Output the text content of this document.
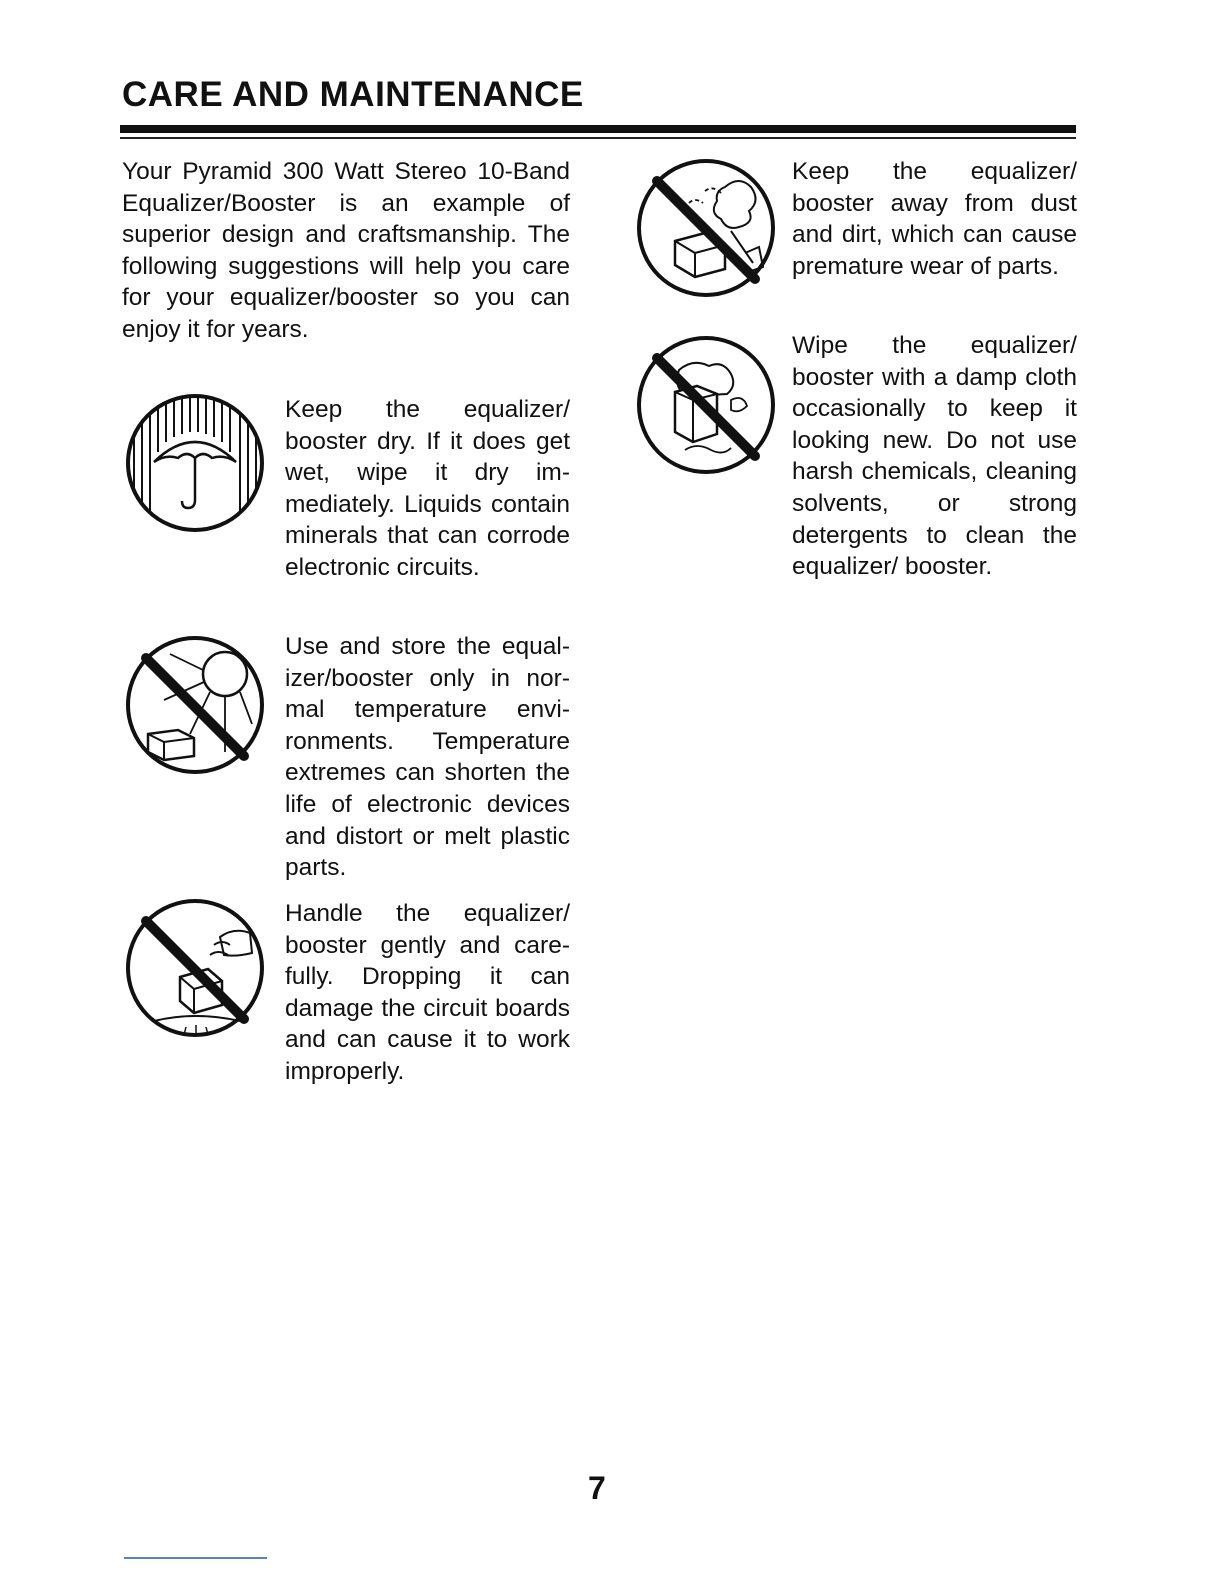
CARE AND MAINTENANCE

Your Pyramid 300 Watt Stereo 10-Band Equalizer/Booster is an example of superior design and craftsmanship. The following suggestions will help you care for your equalizer/booster so you can enjoy it for years.

Keep the equalizer/ booster dry. If it does get wet, wipe it dry immediately. Liquids contain minerals that can corrode electronic circuits.

Use and store the equalizer/booster only in normal temperature environments. Temperature extremes can shorten the life of electronic devices and distort or melt plastic parts.

Handle the equalizer/ booster gently and carefully. Dropping it can damage the circuit boards and can cause it to work improperly.

Keep the equalizer/ booster away from dust and dirt, which can cause premature wear of parts.

Wipe the equalizer/ booster with a damp cloth occasionally to keep it looking new. Do not use harsh chemicals, cleaning solvents, or strong detergents to clean the equalizer/ booster.

7
